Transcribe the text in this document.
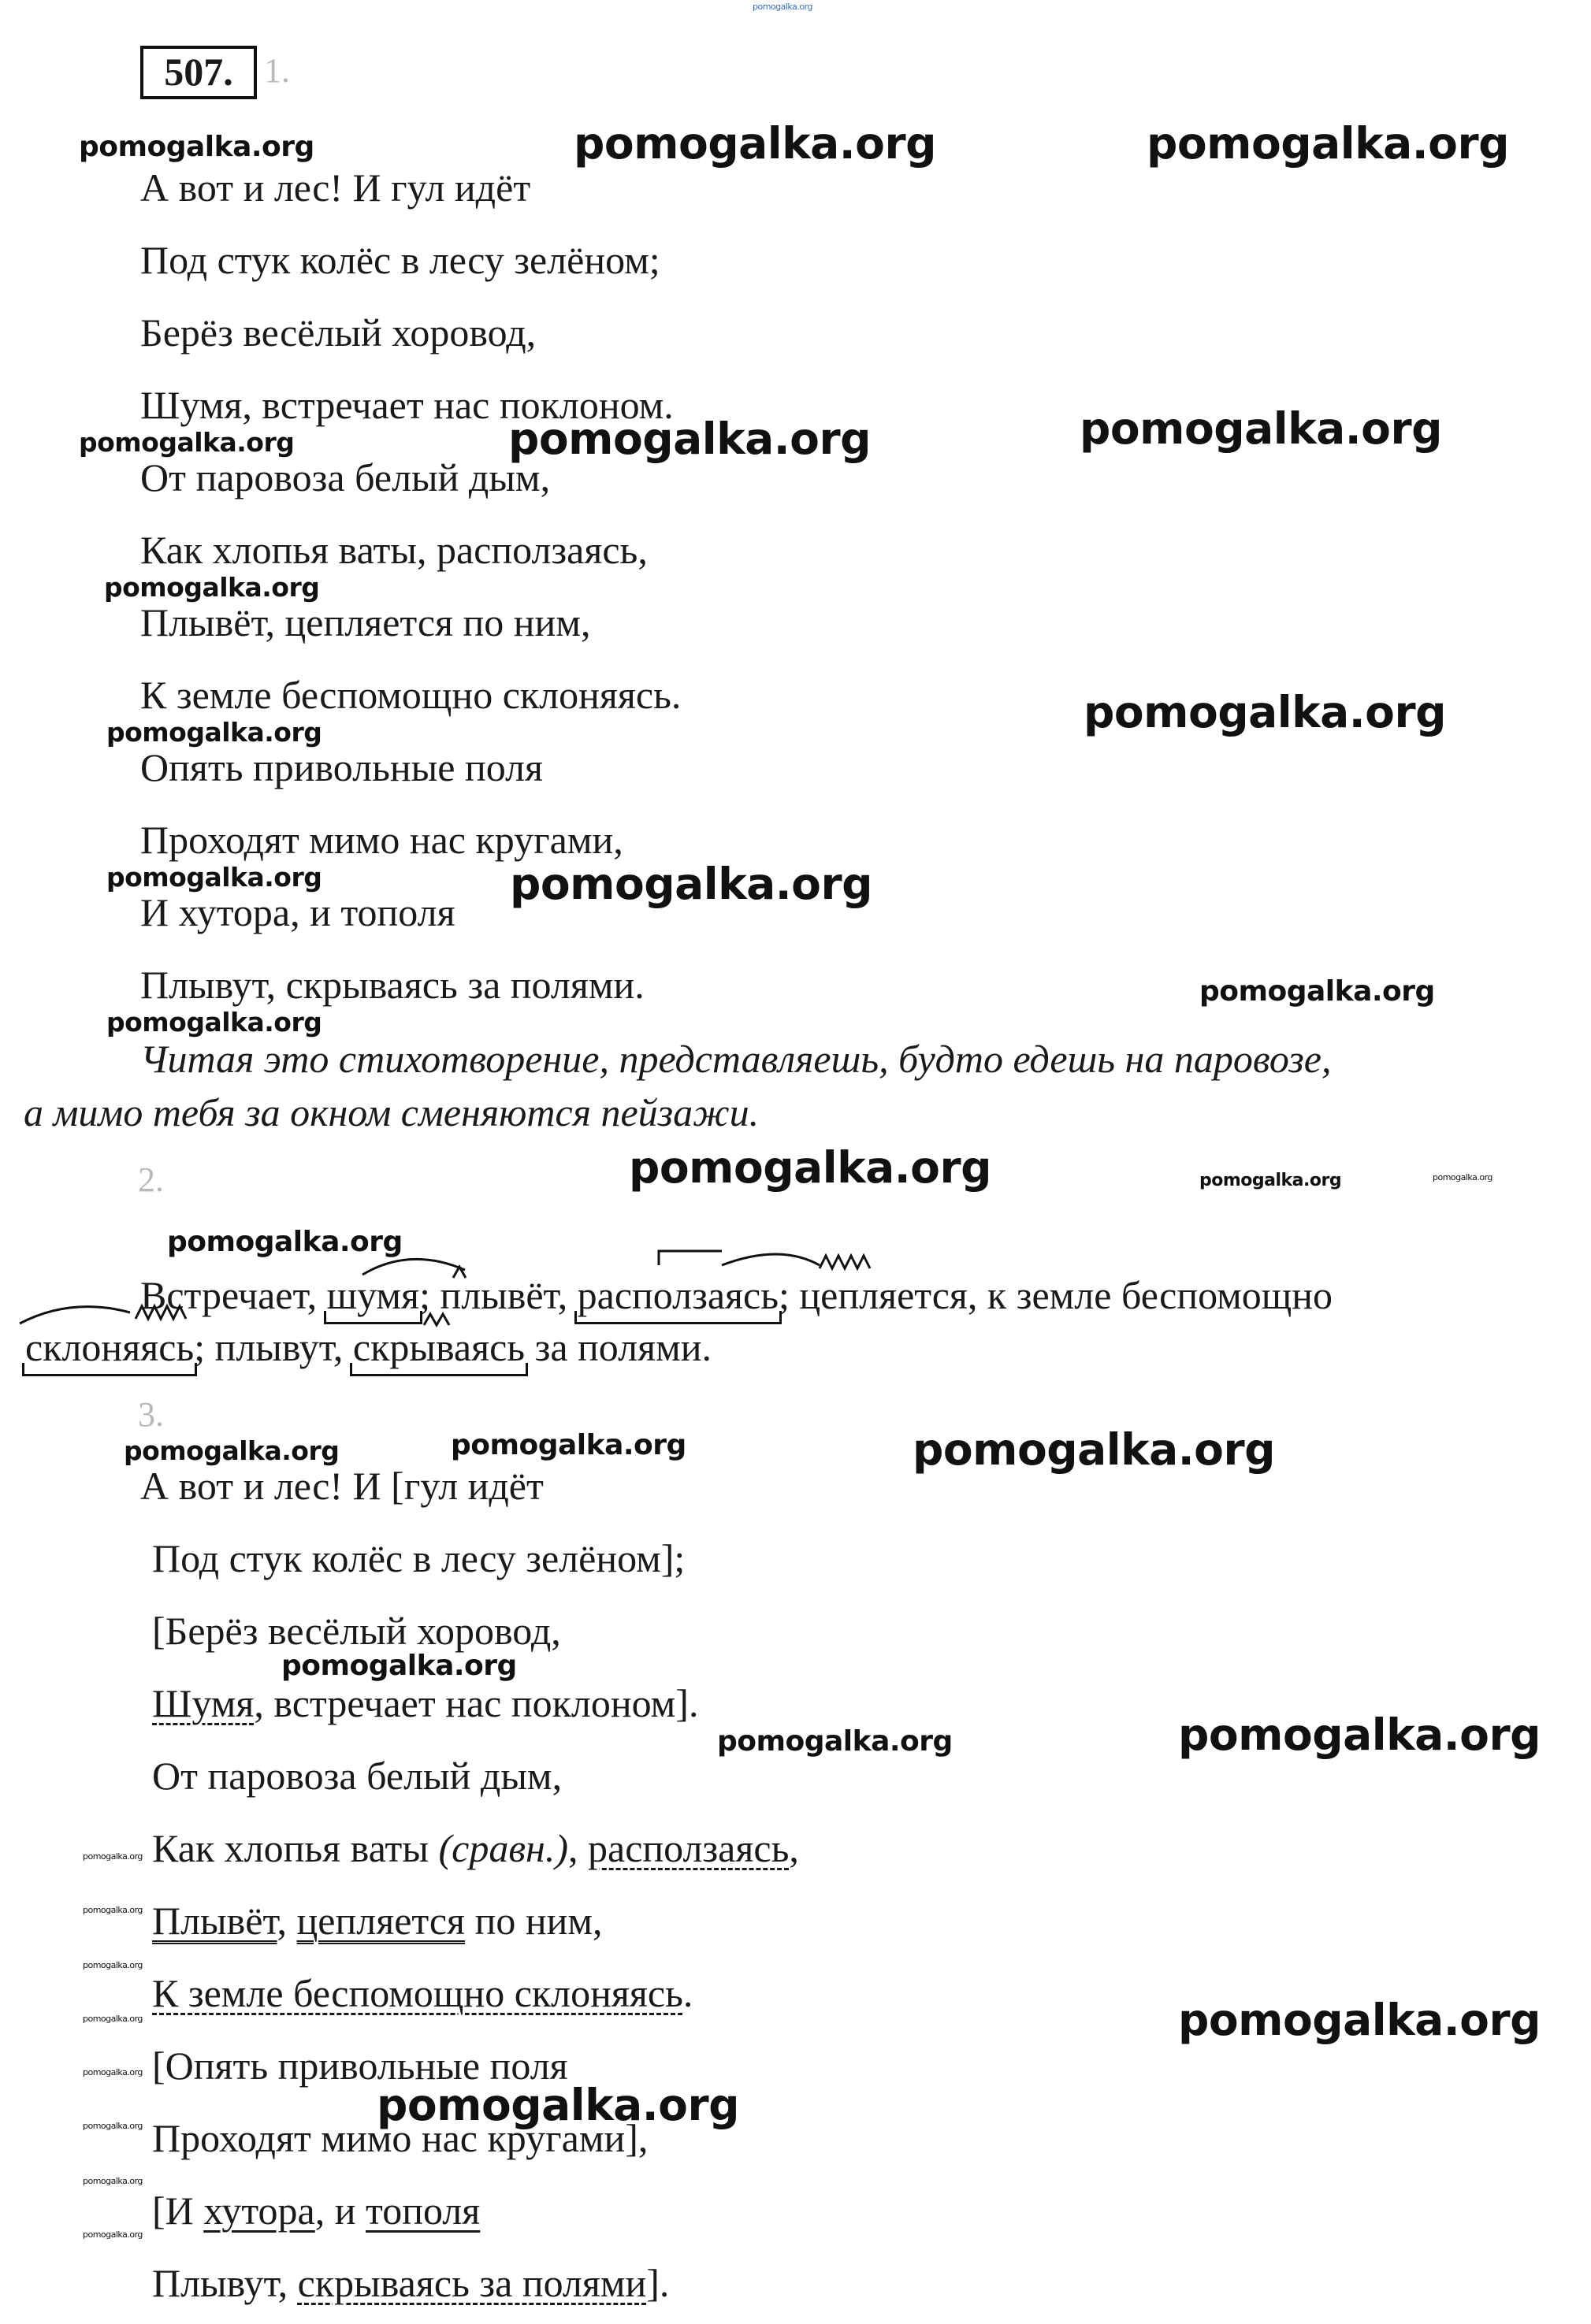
pomogalka.org
507. 1.
А вот и лес! И гул идёт
Под стук колёс в лесу зелёном;
Берёз весёлый хоровод,
Шумя, встречает нас поклоном.
От паровоза белый дым,
Как хлопья ваты, расползаясь,
Плывёт, цепляется по ним,
К земле беспомощно склоняясь.
Опять привольные поля
Проходят мимо нас кругами,
И хутора, и тополя
Плывут, скрываясь за полями.
Читая это стихотворение, представляешь, будто едешь на паровозе,
а мимо тебя за окном сменяются пейзажи.
2.
Встречает, шумя; плывёт, расползаясь; цепляется, к земле беспомощно
склоняясь; плывут, скрываясь за полями.
3.
А вот и лес! И [гул идёт
Под стук колёс в лесу зелёном];
[Берёз весёлый хоровод,
Шумя, встречает нас поклоном].
От паровоза белый дым,
Как хлопья ваты (сравн.), расползаясь,
Плывёт, цепляется по ним,
К земле беспомощно склоняясь.
[Опять привольные поля
Проходят мимо нас кругами],
[И хутора, и тополя
Плывут, скрываясь за полями].
pomogalka.org	pomogalka.org	pomogalka.org
pomogalka.org	pomogalka.org	pomogalka.org
pomogalka.org
pomogalka.org	pomogalka.org
pomogalka.org	pomogalka.org
pomogalka.org
pomogalka.org
pomogalka.org	pomogalka.org	pomogalka.org
pomogalka.org
pomogalka.org	pomogalka.org	pomogalka.org
pomogalka.org
pomogalka.org	pomogalka.org
pomogalka.org
pomogalka.org
pomogalka.org
pomogalka.org
pomogalka.org
pomogalka.org
pomogalka.org
pomogalka.org
pomogalka.org
pomogalka.org
